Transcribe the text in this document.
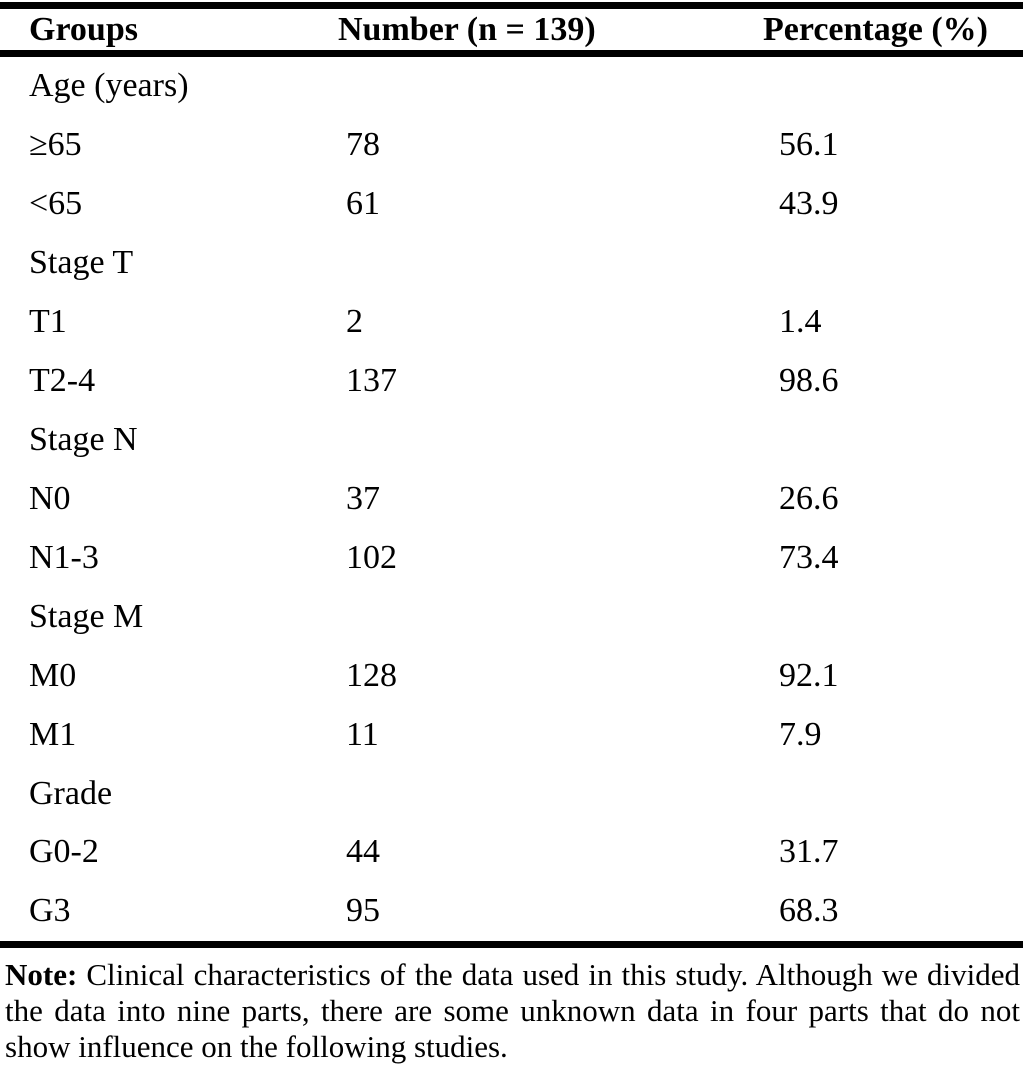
Groups	Number (n = 139)	Percentage (%)
Age (years)
≥65	78	56.1
<65	61	43.9
Stage T
T1	2	1.4
T2-4	137	98.6
Stage N
N0	37	26.6
N1-3	102	73.4
Stage M
M0	128	92.1
M1	11	7.9
Grade
G0-2	44	31.7
G3	95	68.3

Note: Clinical characteristics of the data used in this study. Although we divided the data into nine parts, there are some unknown data in four parts that do not show influence on the following studies.
